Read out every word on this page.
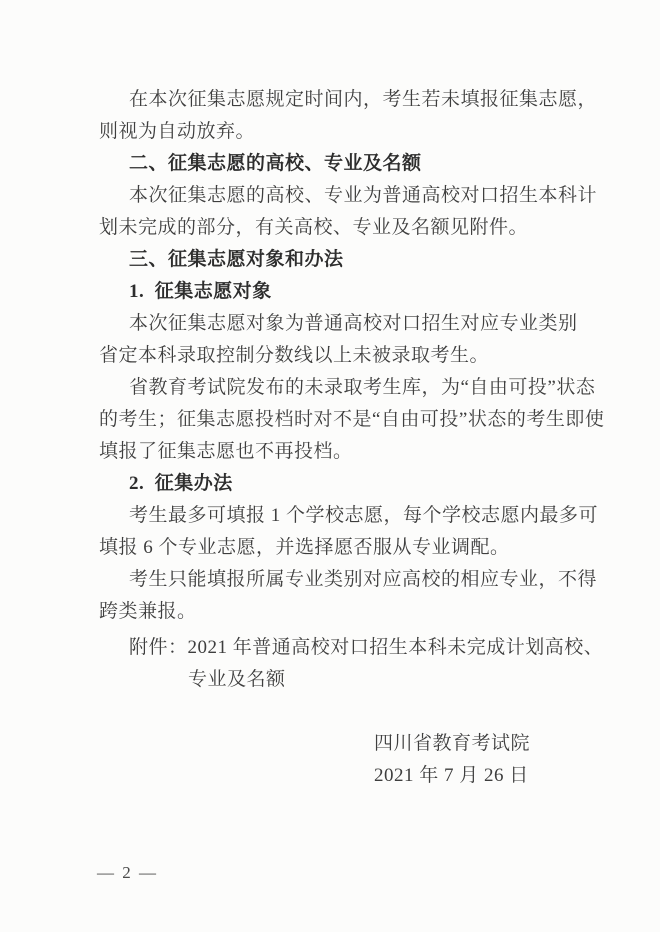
在本次征集志愿规定时间内，考生若未填报征集志愿，
则视为自动放弃。
二、征集志愿的高校、专业及名额
本次征集志愿的高校、专业为普通高校对口招生本科计
划未完成的部分，有关高校、专业及名额见附件。
三、征集志愿对象和办法
1.  征集志愿对象
本次征集志愿对象为普通高校对口招生对应专业类别
省定本科录取控制分数线以上未被录取考生。
省教育考试院发布的未录取考生库，为“自由可投”状态
的考生；征集志愿投档时对不是“自由可投”状态的考生即使
填报了征集志愿也不再投档。
2.  征集办法
考生最多可填报 1 个学校志愿，每个学校志愿内最多可
填报 6 个专业志愿，并选择愿否服从专业调配。
考生只能填报所属专业类别对应高校的相应专业，不得
跨类兼报。
附件：2021 年普通高校对口招生本科未完成计划高校、
专业及名额
四川省教育考试院
2021 年 7 月 26 日
— 2 —
